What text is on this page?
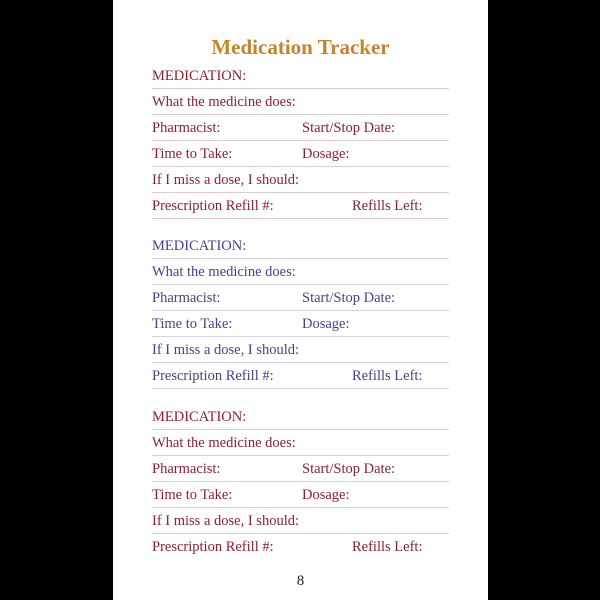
Medication Tracker
MEDICATION:
What the medicine does:
Pharmacist:	Start/Stop Date:
Time to Take:	Dosage:
If I miss a dose, I should:
Prescription Refill #:	Refills Left:
MEDICATION:
What the medicine does:
Pharmacist:	Start/Stop Date:
Time to Take:	Dosage:
If I miss a dose, I should:
Prescription Refill #:	Refills Left:
MEDICATION:
What the medicine does:
Pharmacist:	Start/Stop Date:
Time to Take:	Dosage:
If I miss a dose, I should:
Prescription Refill #:	Refills Left:
8
